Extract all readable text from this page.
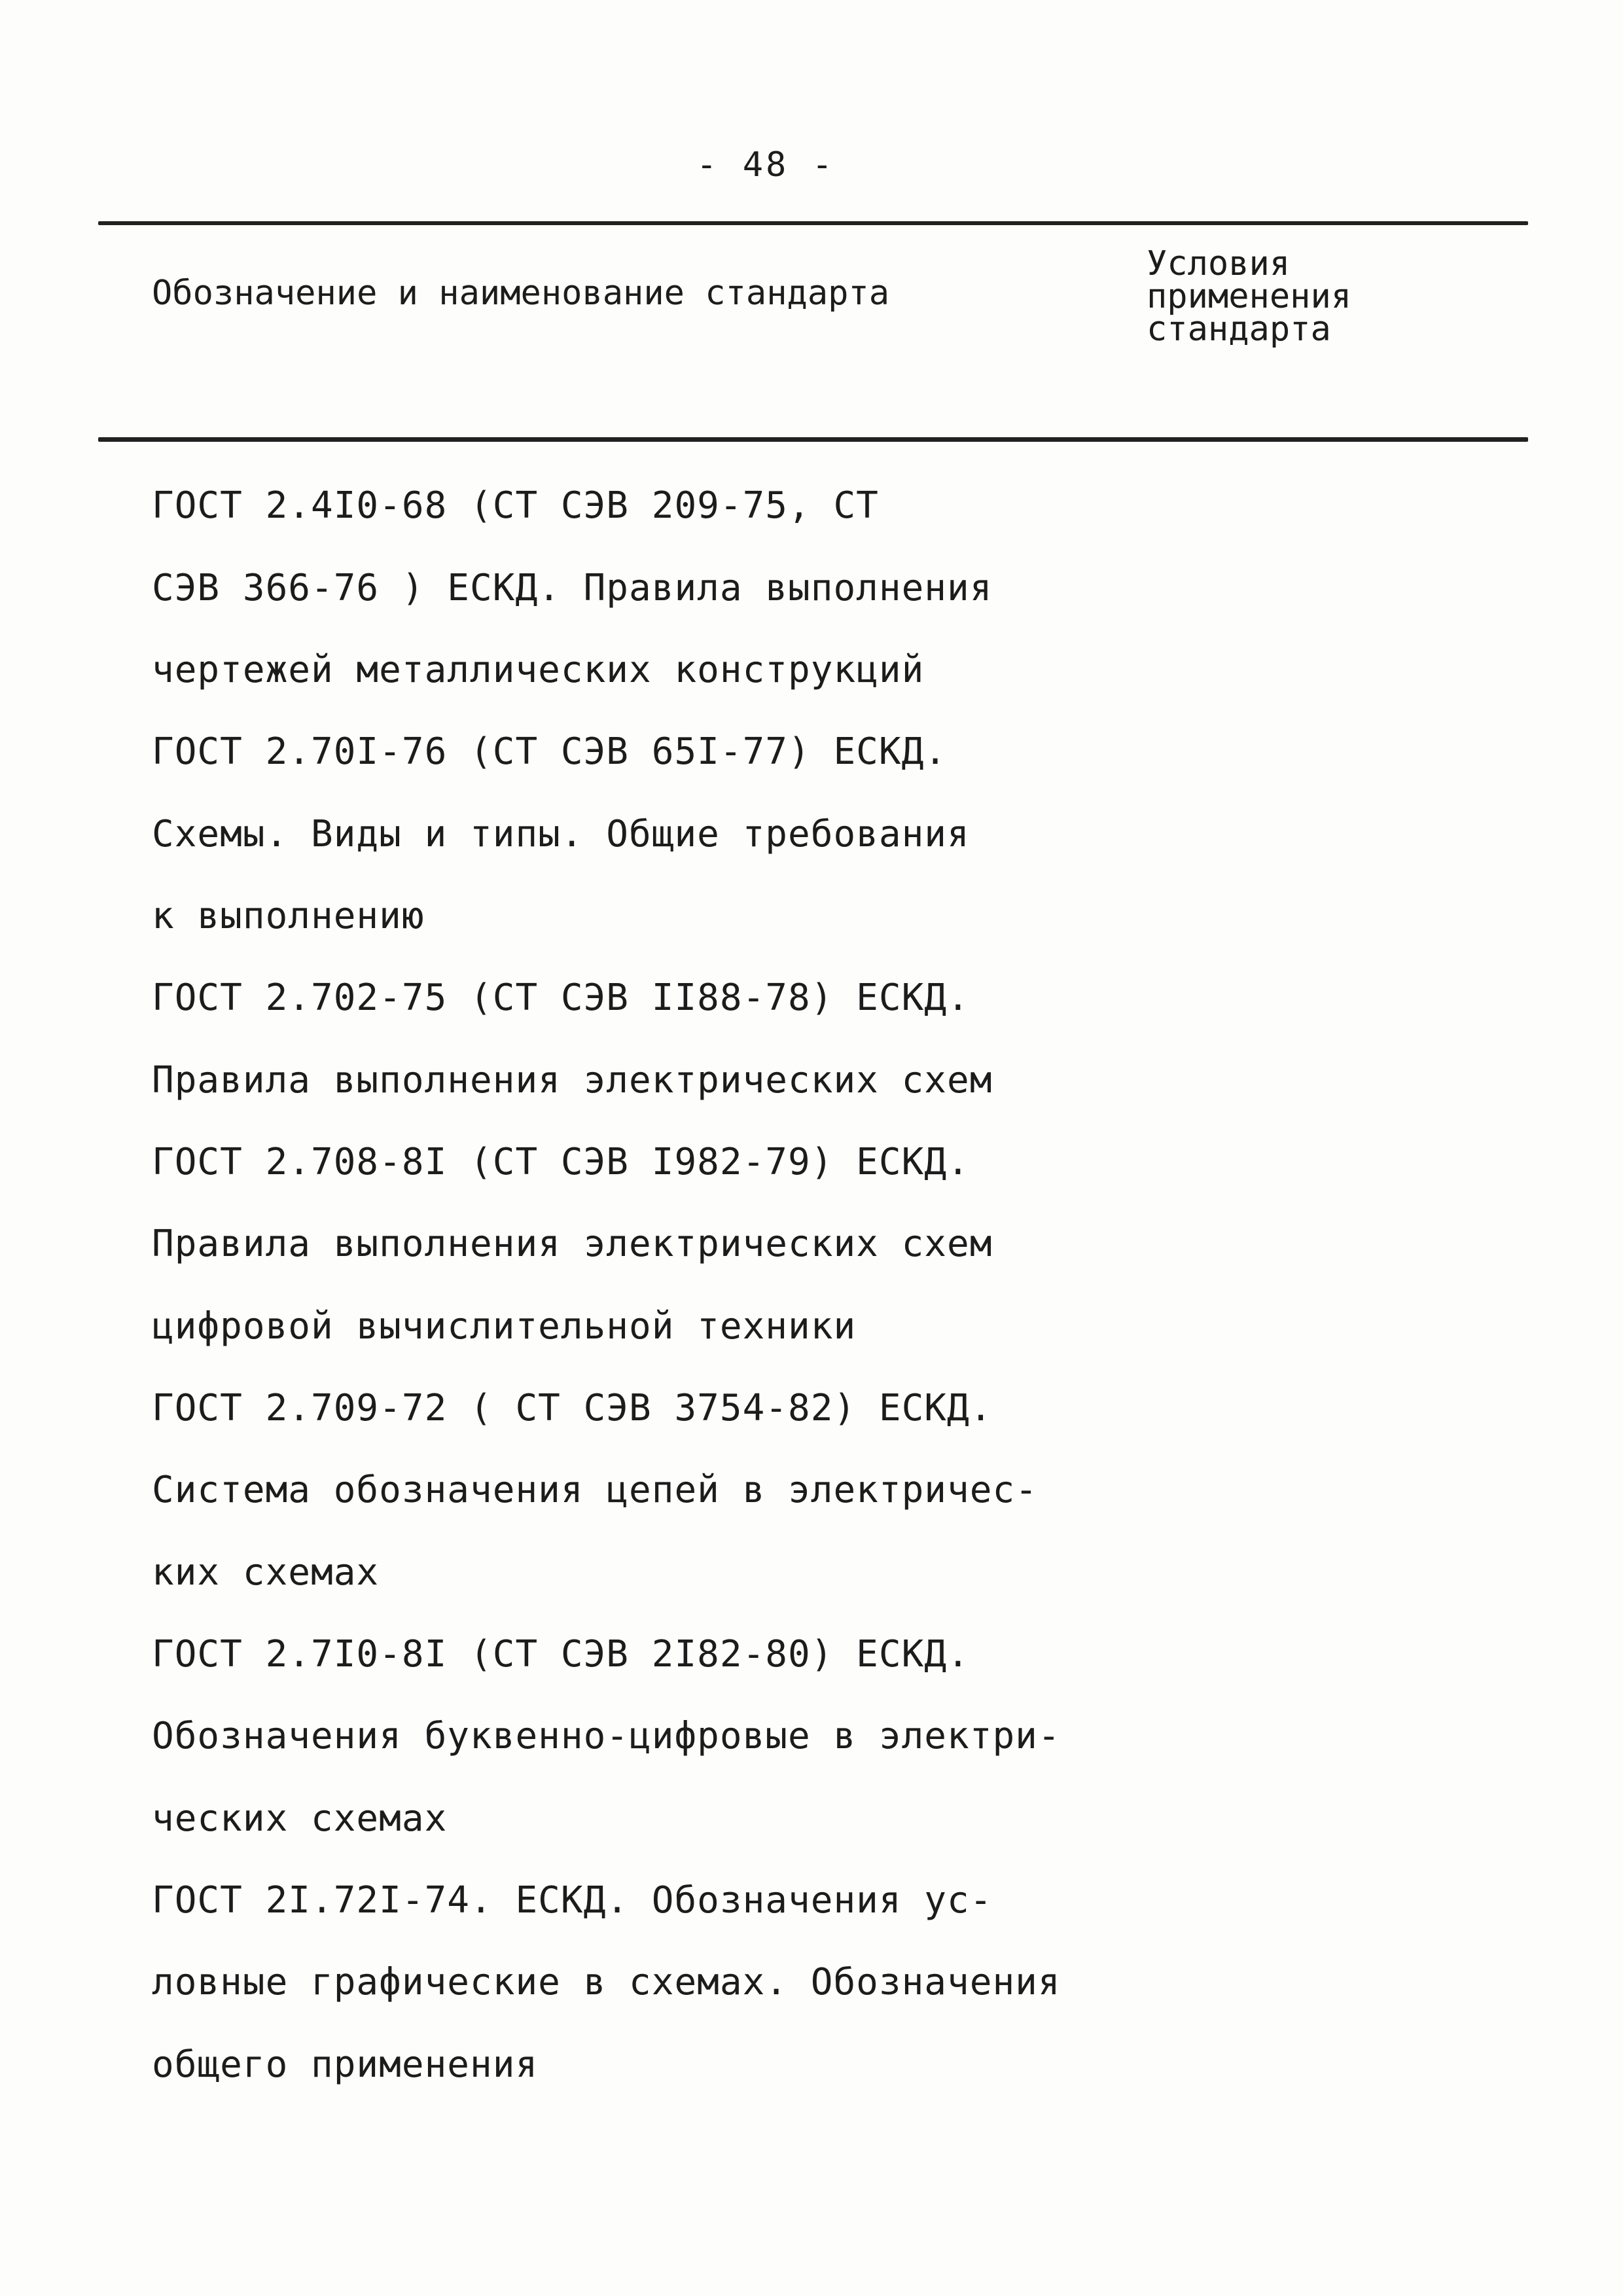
- 48 -
Обозначение и наименование стандарта
Условия
применения
стандарта
ГОСТ 2.4I0-68 (СТ СЭВ 209-75, СТ
СЭВ 366-76 ) ЕСКД. Правила выполнения
чертежей металлических конструкций
ГОСТ 2.70I-76 (СТ СЭВ 65I-77) ЕСКД.
Схемы. Виды и типы. Общие требования
к выполнению
ГОСТ 2.702-75 (СТ СЭВ II88-78) ЕСКД.
Правила выполнения электрических схем
ГОСТ 2.708-8I (СТ СЭВ I982-79) ЕСКД.
Правила выполнения электрических схем
цифровой вычислительной техники
ГОСТ 2.709-72 ( СТ СЭВ 3754-82) ЕСКД.
Система обозначения цепей в электричес-
ких схемах
ГОСТ 2.7I0-8I (СТ СЭВ 2I82-80) ЕСКД.
Обозначения буквенно-цифровые в электри-
ческих схемах
ГОСТ 2I.72I-74. ЕСКД. Обозначения ус-
ловные графические в схемах. Обозначения
общего применения
